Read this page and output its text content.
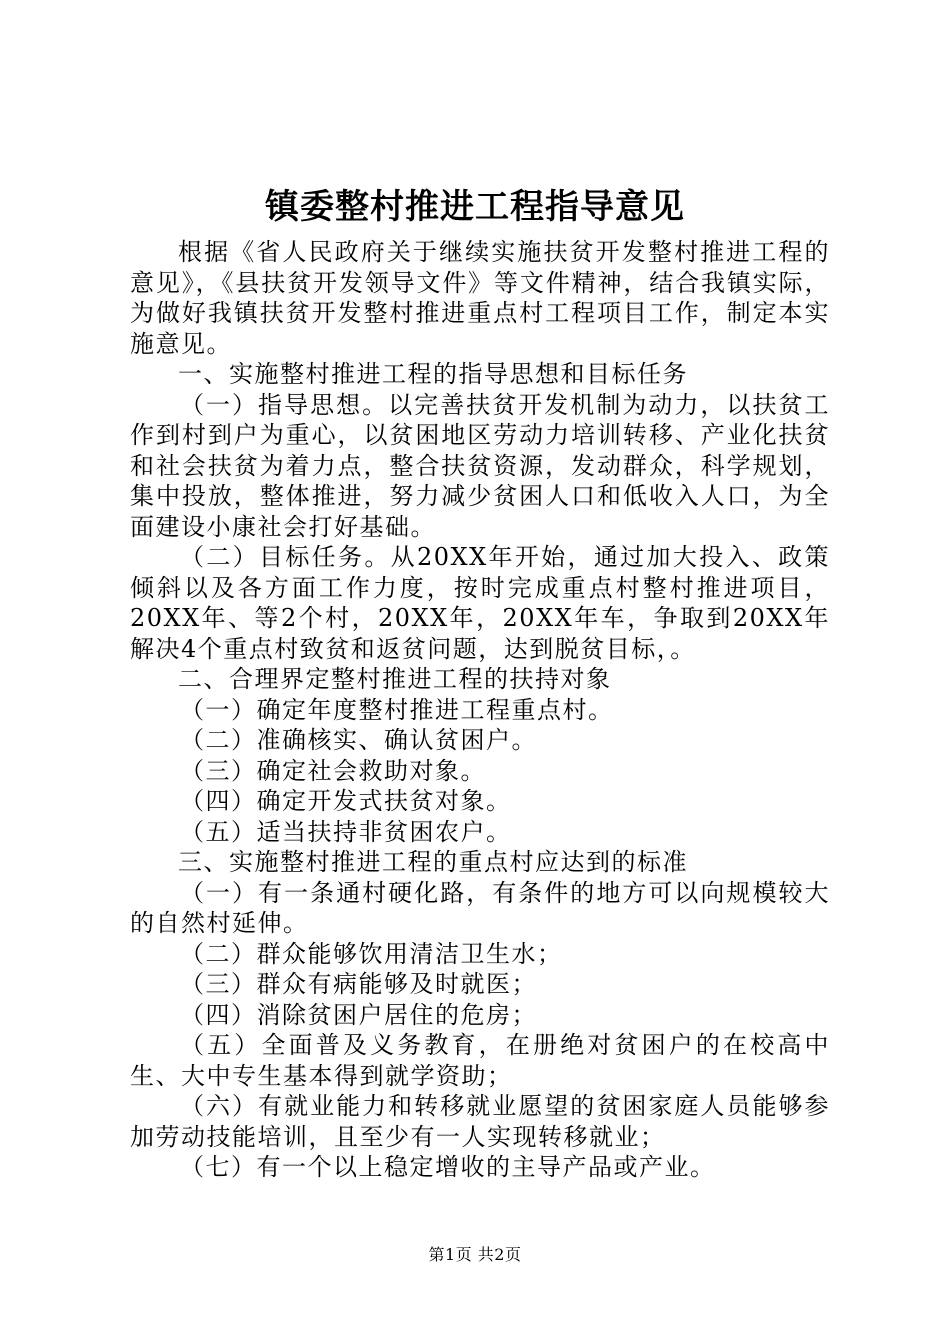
镇委整村推进工程指导意见

根据《省人民政府关于继续实施扶贫开发整村推进工程的意见》，《县扶贫开发领导文件》等文件精神，结合我镇实际，为做好我镇扶贫开发整村推进重点村工程项目工作，制定本实施意见。

一、实施整村推进工程的指导思想和目标任务

（一）指导思想。以完善扶贫开发机制为动力，以扶贫工作到村到户为重心，以贫困地区劳动力培训转移、产业化扶贫和社会扶贫为着力点，整合扶贫资源，发动群众，科学规划，集中投放，整体推进，努力减少贫困人口和低收入人口，为全面建设小康社会打好基础。

（二）目标任务。从20XX年开始，通过加大投入、政策倾斜以及各方面工作力度，按时完成重点村整村推进项目，20XX年、等2个村，20XX年，20XX年车，争取到20XX年解决4个重点村致贫和返贫问题，达到脱贫目标，。

二、合理界定整村推进工程的扶持对象

（一）确定年度整村推进工程重点村。

（二）准确核实、确认贫困户。

（三）确定社会救助对象。

（四）确定开发式扶贫对象。

（五）适当扶持非贫困农户。

三、实施整村推进工程的重点村应达到的标准

（一）有一条通村硬化路，有条件的地方可以向规模较大的自然村延伸。

（二）群众能够饮用清洁卫生水；

（三）群众有病能够及时就医；

（四）消除贫困户居住的危房；

（五）全面普及义务教育，在册绝对贫困户的在校高中生、大中专生基本得到就学资助；

（六）有就业能力和转移就业愿望的贫困家庭人员能够参加劳动技能培训，且至少有一人实现转移就业；

（七）有一个以上稳定增收的主导产品或产业。

第1页 共2页
